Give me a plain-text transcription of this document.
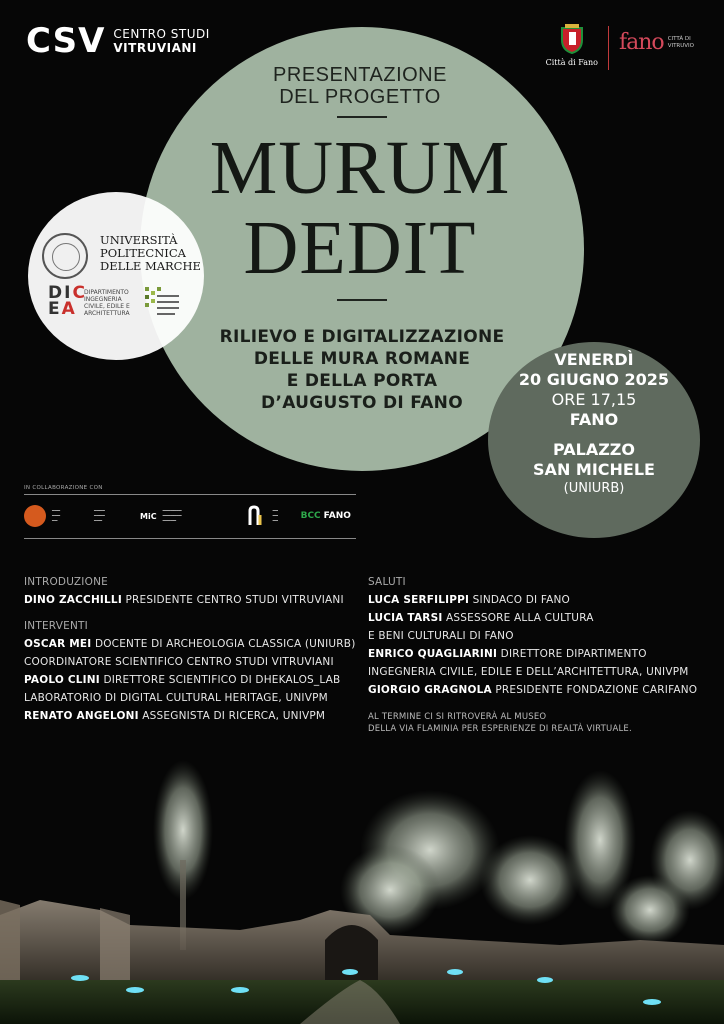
CSV CENTRO STUDI
VITRUVIANI
Città di Fano
fano CITTÀ DI
VITRUVIO
PRESENTAZIONE
DEL PROGETTO
MURUM
DEDIT
RILIEVO E DIGITALIZZAZIONE
DELLE MURA ROMANE
E DELLA PORTA
D’AUGUSTO DI FANO
UNIVERSITÀ
POLITECNICA
DELLE MARCHE
DIC
EA
DIPARTIMENTO
INGEGNERIA
CIVILE, EDILE E
ARCHITETTURA
VENERDÌ
20 GIUGNO 2025
ORE 17,15
FANO
PALAZZO
SAN MICHELE
(UNIURB)
IN COLLABORAZIONE CON
━━━
━━━
━━
━━━━
━━━━
━━━
MiC
━━━━━━━
━━━━━━━
━━━━━
━━
━━
━━	BCC FANO
INTRODUZIONE
DINO ZACCHILLI PRESIDENTE CENTRO STUDI VITRUVIANI
INTERVENTI
OSCAR MEI DOCENTE DI ARCHEOLOGIA CLASSICA (UNIURB)
COORDINATORE SCIENTIFICO CENTRO STUDI VITRUVIANI
PAOLO CLINI DIRETTORE SCIENTIFICO DI DHEKALOS_LAB
LABORATORIO DI DIGITAL CULTURAL HERITAGE, UNIVPM
RENATO ANGELONI ASSEGNISTA DI RICERCA, UNIVPM
SALUTI
LUCA SERFILIPPI SINDACO DI FANO
LUCIA TARSI ASSESSORE ALLA CULTURA
E BENI CULTURALI DI FANO
ENRICO QUAGLIARINI DIRETTORE DIPARTIMENTO
INGEGNERIA CIVILE, EDILE E DELL’ARCHITETTURA, UNIVPM
GIORGIO GRAGNOLA PRESIDENTE FONDAZIONE CARIFANO
AL TERMINE CI SI RITROVERÀ AL MUSEO
DELLA VIA FLAMINIA PER ESPERIENZE DI REALTÀ VIRTUALE.
